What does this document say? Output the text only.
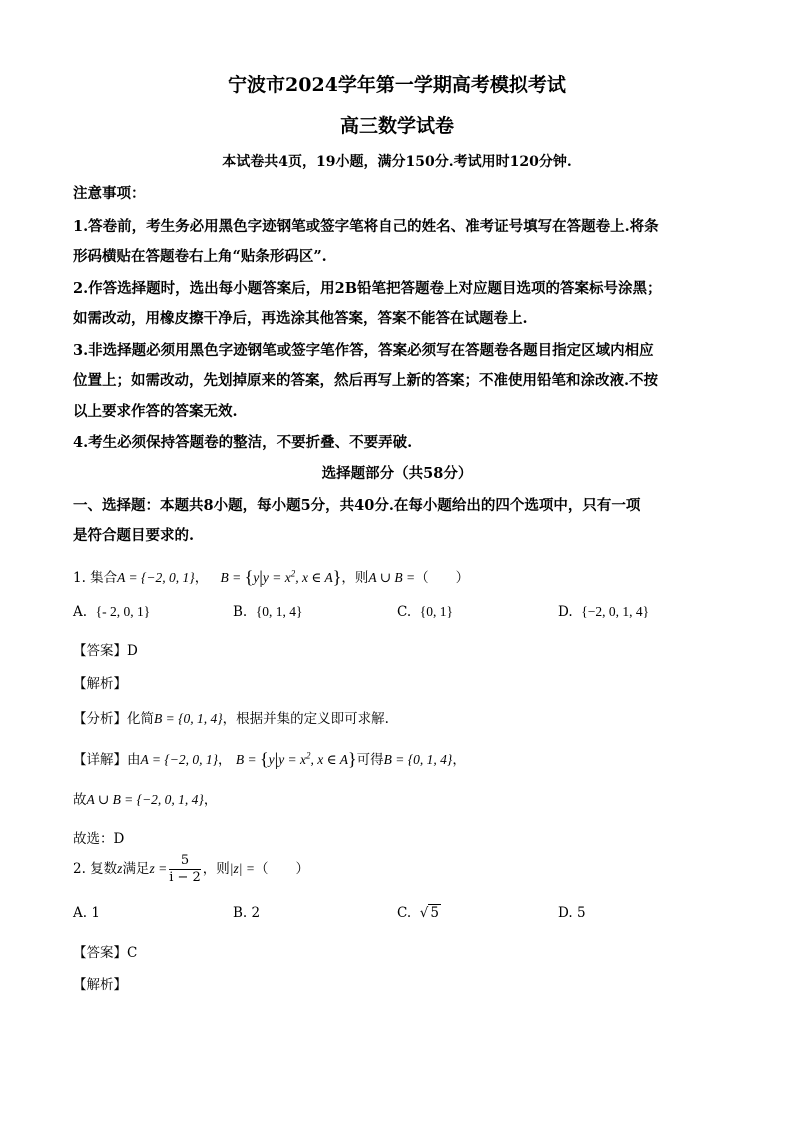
宁波市2024学年第一学期高考模拟考试
高三数学试卷
本试卷共4页，19小题，满分150分.考试用时120分钟.
注意事项：
1.答卷前，考生务必用黑色字迹钢笔或签字笔将自己的姓名、准考证号填写在答题卷上.将条
形码横贴在答题卷右上角“贴条形码区”.
2.作答选择题时，选出每小题答案后，用2B铅笔把答题卷上对应题目选项的答案标号涂黑；
如需改动，用橡皮擦干净后，再选涂其他答案，答案不能答在试题卷上.
3.非选择题必须用黑色字迹钢笔或签字笔作答，答案必须写在答题卷各题目指定区域内相应
位置上；如需改动，先划掉原来的答案，然后再写上新的答案；不准使用铅笔和涂改液.不按
以上要求作答的答案无效.
4.考生必须保持答题卷的整洁，不要折叠、不要弄破.
选择题部分（共58分）
一、选择题：本题共8小题，每小题5分，共40分.在每小题给出的四个选项中，只有一项
是符合题目要求的.
1. 集合A = {−2, 0, 1}， $B = \{y|y = x^2$, x ∈ A}，则A ∪ B =（　　）
A. {- 2, 0, 1}	B. {0, 1, 4}	C. {0, 1}	D. {−2, 0, 1, 4}
【答案】D
【解析】
【分析】化简B = {0, 1, 4}，根据并集的定义即可求解.
【详解】由A = {−2, 0, 1}， $B = \{y|y = x^2$, x ∈ A}可得B = {0, 1, 4}，
故A ∪ B = {−2, 0, 1, 4}，
故选：D
2. 复数z满足$z = \frac{5}{i - 2}$ ，则|z| =（　　）
A. 1	B. 2	C. √ 5	D. 5
【答案】C
【解析】
